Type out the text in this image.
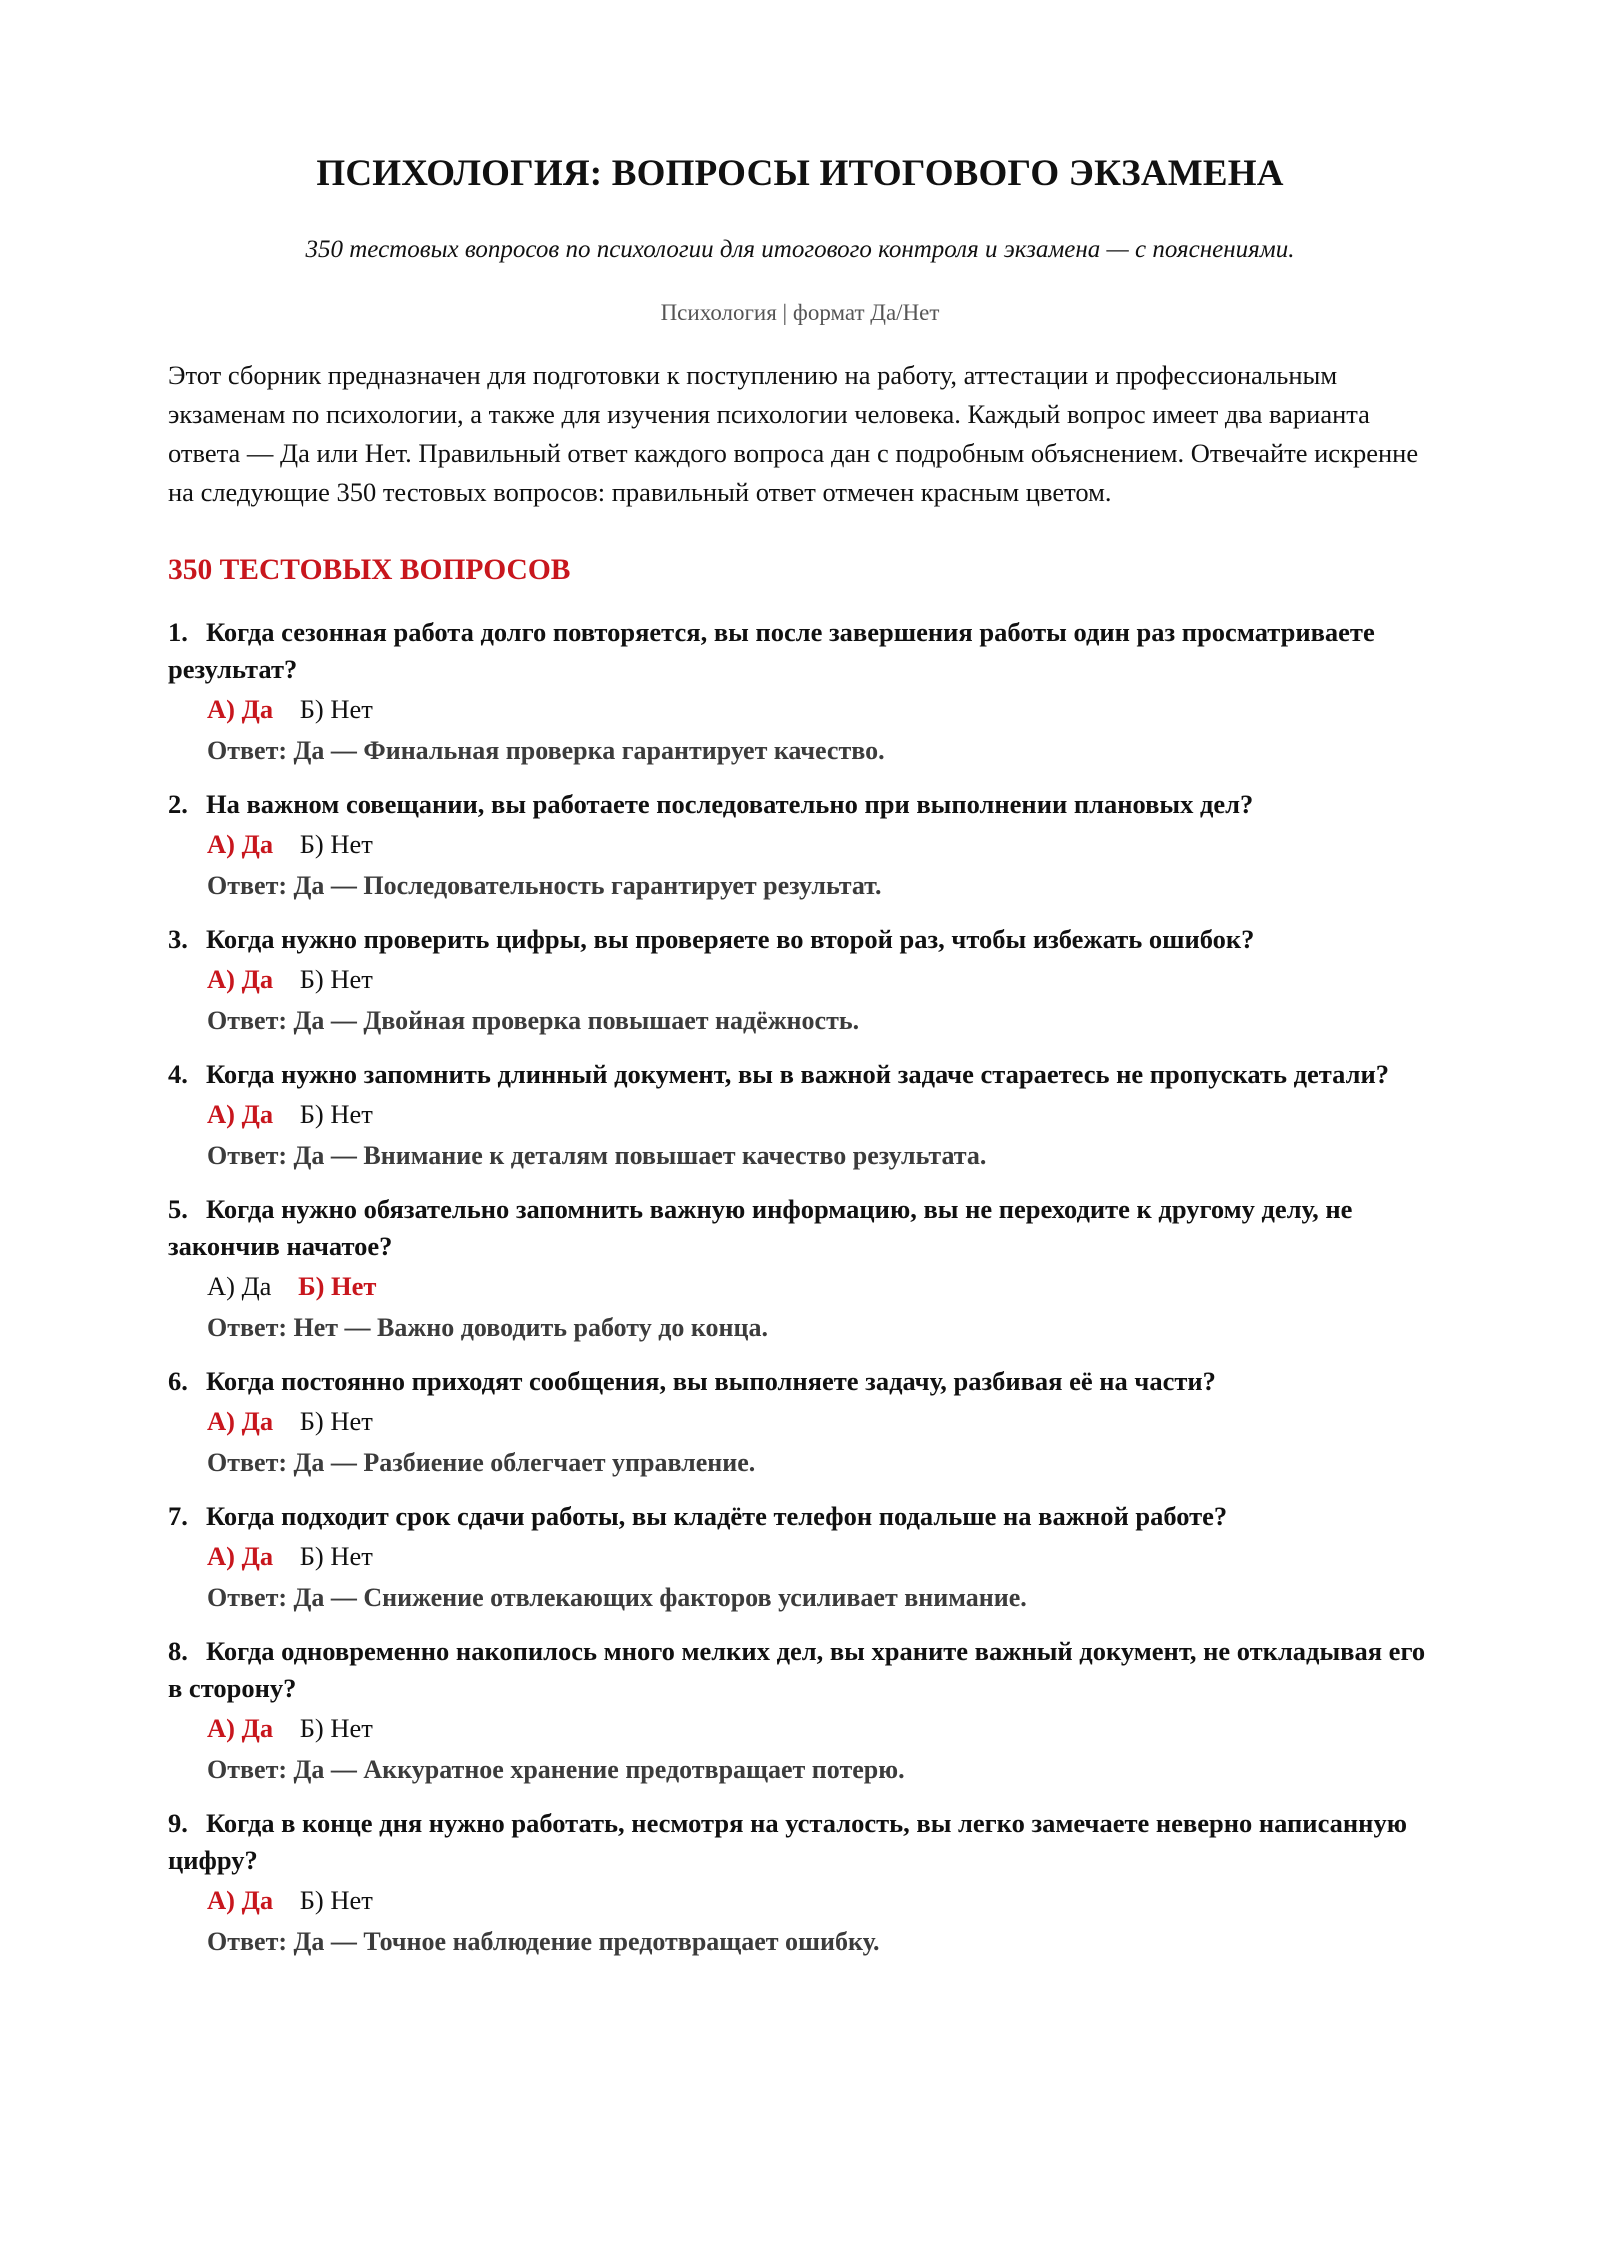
ПСИХОЛОГИЯ: ВОПРОСЫ ИТОГОВОГО ЭКЗАМЕНА
350 тестовых вопросов по психологии для итогового контроля и экзамена — с пояснениями.
Психология | формат Да/Нет
Этот сборник предназначен для подготовки к поступлению на работу, аттестации и профессиональным экзаменам по психологии, а также для изучения психологии человека. Каждый вопрос имеет два варианта ответа — Да или Нет. Правильный ответ каждого вопроса дан с подробным объяснением. Отвечайте искренне на следующие 350 тестовых вопросов: правильный ответ отмечен красным цветом.
350 ТЕСТОВЫХ ВОПРОСОВ
1. Когда сезонная работа долго повторяется, вы после завершения работы один раз просматриваете результат?
А) Да Б) Нет
Ответ: Да — Финальная проверка гарантирует качество.
2. На важном совещании, вы работаете последовательно при выполнении плановых дел?
А) Да Б) Нет
Ответ: Да — Последовательность гарантирует результат.
3. Когда нужно проверить цифры, вы проверяете во второй раз, чтобы избежать ошибок?
А) Да Б) Нет
Ответ: Да — Двойная проверка повышает надёжность.
4. Когда нужно запомнить длинный документ, вы в важной задаче стараетесь не пропускать детали?
А) Да Б) Нет
Ответ: Да — Внимание к деталям повышает качество результата.
5. Когда нужно обязательно запомнить важную информацию, вы не переходите к другому делу, не закончив начатое?
А) Да Б) Нет
Ответ: Нет — Важно доводить работу до конца.
6. Когда постоянно приходят сообщения, вы выполняете задачу, разбивая её на части?
А) Да Б) Нет
Ответ: Да — Разбиение облегчает управление.
7. Когда подходит срок сдачи работы, вы кладёте телефон подальше на важной работе?
А) Да Б) Нет
Ответ: Да — Снижение отвлекающих факторов усиливает внимание.
8. Когда одновременно накопилось много мелких дел, вы храните важный документ, не откладывая его в сторону?
А) Да Б) Нет
Ответ: Да — Аккуратное хранение предотвращает потерю.
9. Когда в конце дня нужно работать, несмотря на усталость, вы легко замечаете неверно написанную цифру?
А) Да Б) Нет
Ответ: Да — Точное наблюдение предотвращает ошибку.
